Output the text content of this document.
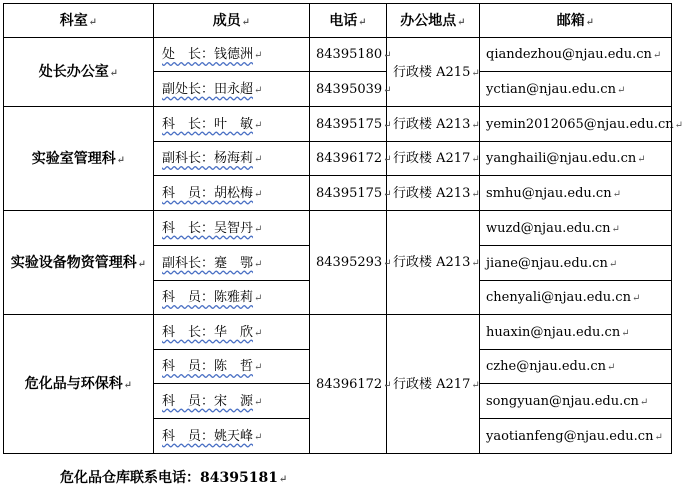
科室↵	成员↵	电话↵	办公地点↵	邮箱↵
处长办公室↵	处　长：钱德洲↵	84395180↵	行政楼 A215↵	qiandezhou@njau.edu.cn↵
	副处长：田永超↵	84395039↵		yctian@njau.edu.cn↵
实验室管理科↵	科　长：叶　敏↵	84395175↵	行政楼 A213↵	yemin2012065@njau.edu.cn↵
	副科长：杨海莉↵	84396172↵	行政楼 A217↵	yanghaili@njau.edu.cn↵
	科　员：胡松梅↵	84395175↵	行政楼 A213↵	smhu@njau.edu.cn↵
实验设备物资管理科↵	科　长：吴智丹↵	84395293↵	行政楼 A213↵	wuzd@njau.edu.cn↵
	副科长：蹇　鄂↵			jiane@njau.edu.cn↵
	科　员：陈雅莉↵			chenyali@njau.edu.cn↵
危化品与环保科↵	科　长：华　欣↵	84396172↵	行政楼 A217↵	huaxin@njau.edu.cn↵
	科　员：陈　哲↵			czhe@njau.edu.cn↵
	科　员：宋　源↵			songyuan@njau.edu.cn↵
	科　员：姚天峰↵			yaotianfeng@njau.edu.cn↵
危化品仓库联系电话：84395181↵
